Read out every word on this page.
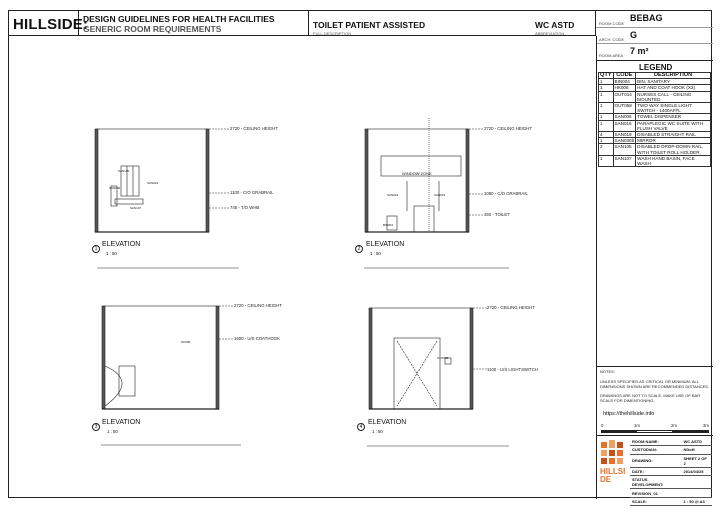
HILLSIDE:
DESIGN GUIDELINES FOR HEALTH FACILITIES
GENERIC ROOM REQUIREMENTS	TOILET PATIENT ASSISTED
FULL DESCRIPTION
WC ASTD
ABBREVIATION
ROOM CODE
BEBAG
ARCH. CODE G
ROOM AREA 7 m²
LEGEND
QTY	CODE	DESCRIPTION
1	BIN004	BIN, SANITARY
1	HK006	HAT AND COAT HOOK (X2)
1	OUT014	NURSES CALL - CEILING MOUNTED
1	OUT058	TWO WAY SINGLE LIGHT SWITCH - 1400AFFL
1	SAN006	TOWEL DISPENSER
1	SAN016	PARAPLEGIC WC SUITE WITH FLUSH VALVE
4	SAN019	DISABLED STRAIGHT RAIL
1	SAN030b	MIRROR
2	SAN105	DISABLED DROP-DOWN RAIL, WITH TOILET ROLL HOLDER.
1	SAN107	WASH HAND BASIN, FACE WASH
NOTES:
UNLESS SPECIFIED AS CRITICAL OR MINIMUM, ALL DIMENSIONS SHOWN ARE RECOMMENDED DISTANCES.
DRAWINGS ARE NOT TO SCALE, MAKE USE OF BAR SCALE FOR DIMENTIONING.
https://thehillside.info
0	1m	2m	3m
HILLSIDE
ROOM NAME:	WC ASTD
CUSTODIAN:	NDoH
DRAWING:	SHEET 2 OF 2
DATE:	2014/04/25
STATUS DEVELOPMENT:	
REVISION_01	
SCALE:	1 : 50 @ A3
2720 - CEILING HEIGHT
1100 - C/O GRABRAIL
745 - T/O WHB
SAN019
SAN105
SAN006
SAN107
2720 - CEILING HEIGHT
1090 - C/O GRABRAIL
450 - TOILET
WINDOW ZONE
SAN019	SAN019
BIN004
2720 - CEILING HEIGHT
1600 - U/S COATHOOK
HK006
2720 - CEILING HEIGHT
1100 - U/S LIGHTSWITCH
OUT058
1
ELEVATION
1 : 50
2
ELEVATION
1 : 50
3
ELEVATION
1 : 50
4
ELEVATION
1 : 50
